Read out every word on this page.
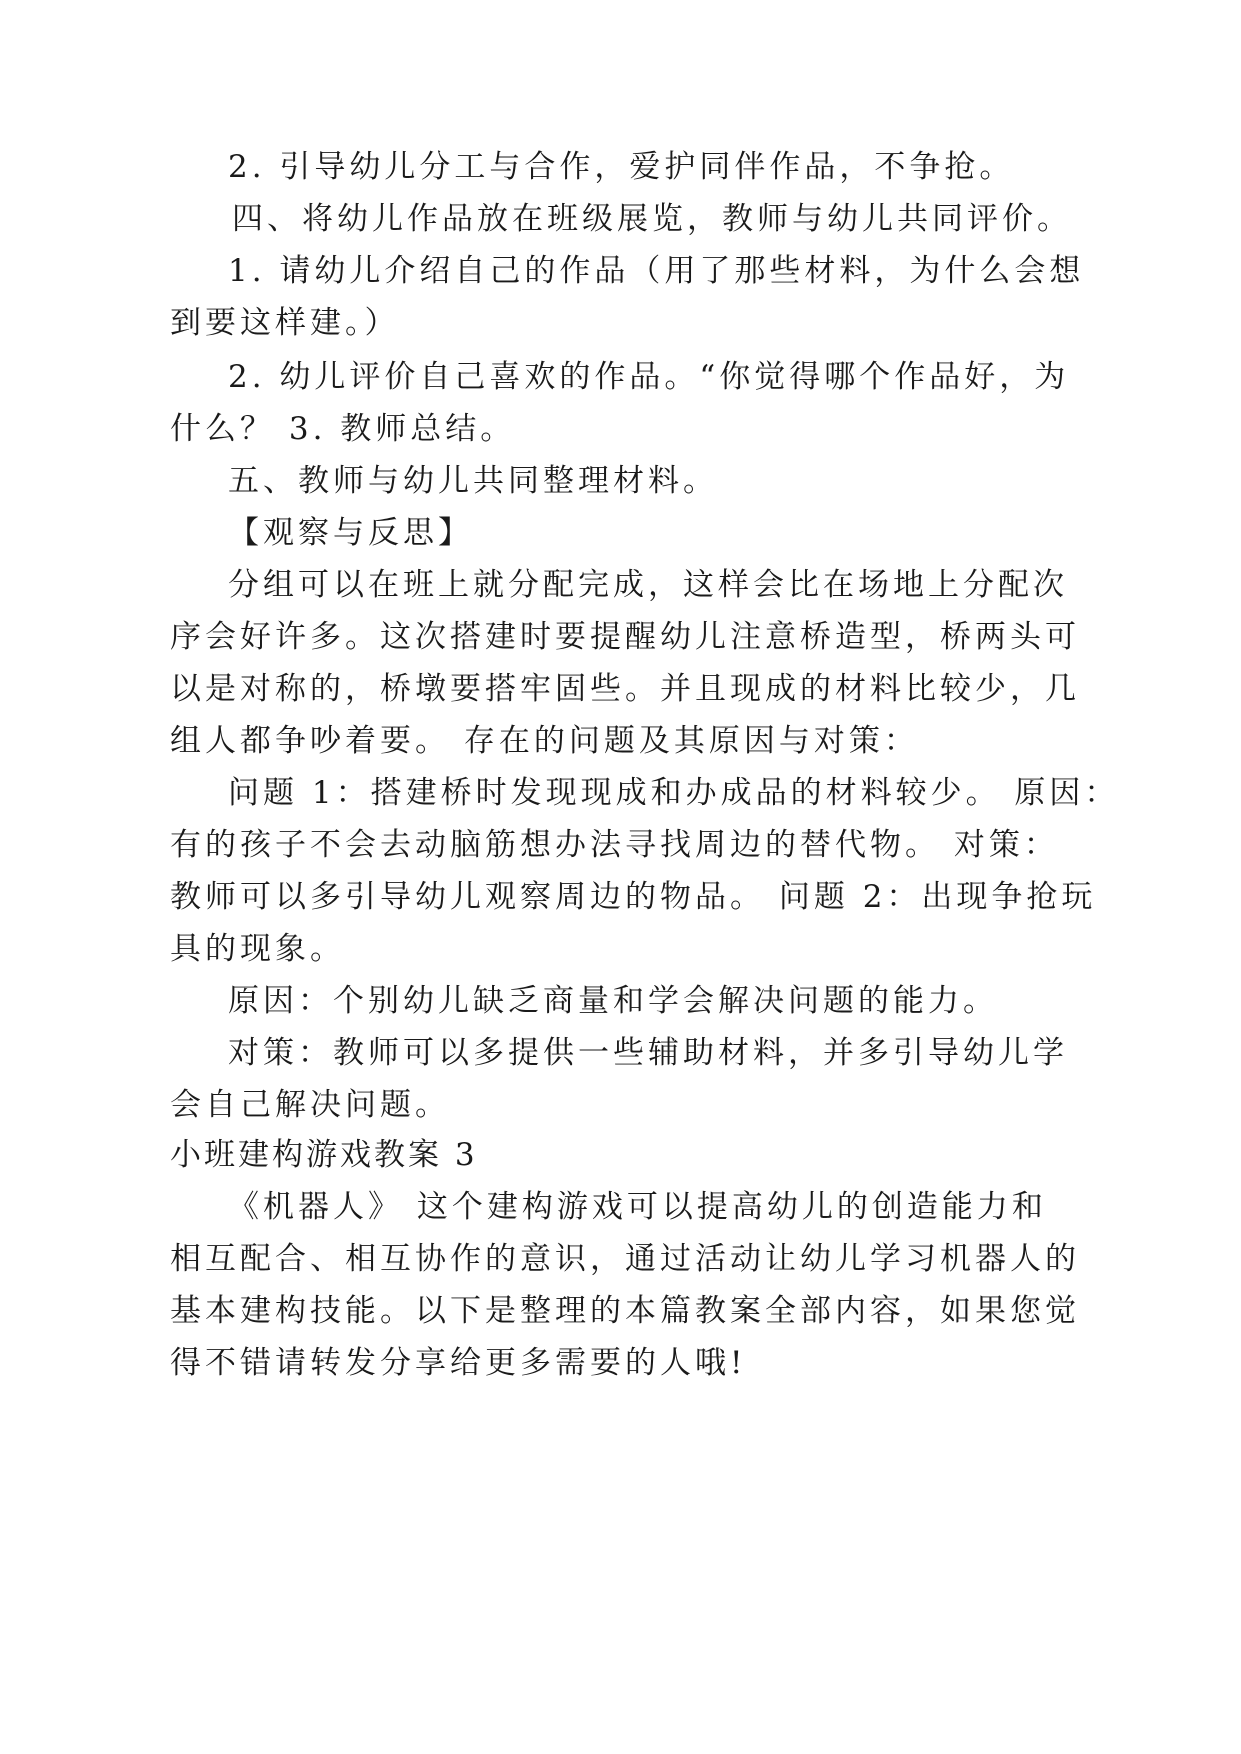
2. 引导幼儿分工与合作，爱护同伴作品，不争抢。
四、将幼儿作品放在班级展览，教师与幼儿共同评价。
1. 请幼儿介绍自己的作品（用了那些材料，为什么会想
到要这样建。）
2. 幼儿评价自己喜欢的作品。“你觉得哪个作品好，为
什么？ 3. 教师总结。
五、教师与幼儿共同整理材料。
【观察与反思】
分组可以在班上就分配完成，这样会比在场地上分配次
序会好许多。这次搭建时要提醒幼儿注意桥造型，桥两头可
以是对称的，桥墩要搭牢固些。并且现成的材料比较少，几
组人都争吵着要。 存在的问题及其原因与对策：
问题 1：搭建桥时发现现成和办成品的材料较少。 原因：
有的孩子不会去动脑筋想办法寻找周边的替代物。 对策：
教师可以多引导幼儿观察周边的物品。 问题 2：出现争抢玩
具的现象。
原因：个别幼儿缺乏商量和学会解决问题的能力。
对策：教师可以多提供一些辅助材料，并多引导幼儿学
会自己解决问题。
小班建构游戏教案 3
《机器人》 这个建构游戏可以提高幼儿的创造能力和
相互配合、相互协作的意识，通过活动让幼儿学习机器人的
基本建构技能。以下是整理的本篇教案全部内容，如果您觉
得不错请转发分享给更多需要的人哦!
